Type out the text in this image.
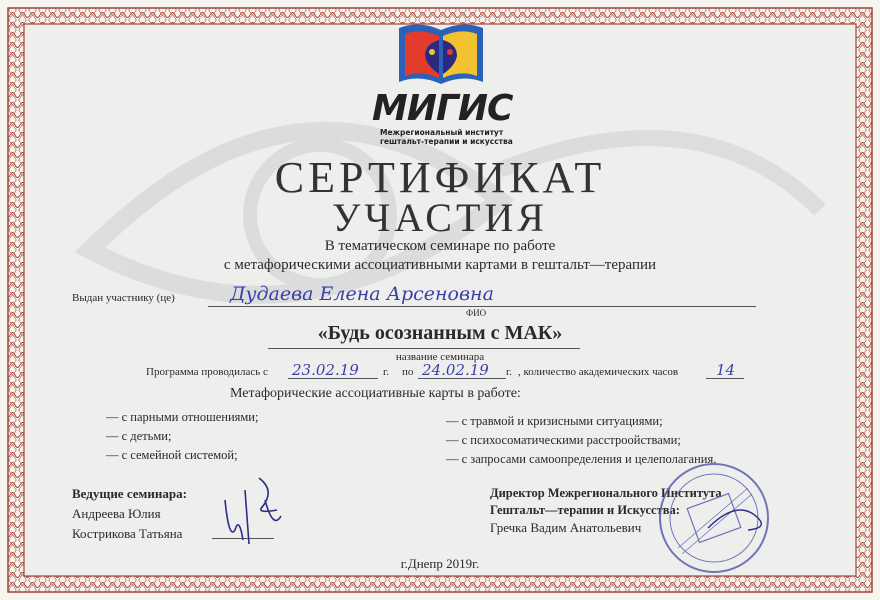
МИГИС
Межрегиональный институт
гештальт-терапии и искусства
СЕРТИФИКАТ
УЧАСТИЯ
В тематическом семинаре по работе
с метафорическими ассоциативными картами в гештальт—терапии
Выдан участнику (це)	Дудаева Елена Арсеновна
ФИО
«Будь осознанным с МАК»
название семинара
Программа проводилась с 23.02.19 г. по 24.02.19 г. , количество академических часов	14
Метафорические ассоциативные карты в работе:
— с парными отношениями;
— с детьми;
— с семейной системой;
— с травмой и кризисными ситуациями;
— с психосоматическими расстроойствами;
— с запросами самоопределения и целеполагания.
Ведущие семинара:
Андреева Юлия
Кострикова Татьяна
Директор Межрегионального Института
Гештальт—терапии и Искусства:
Гречка Вадим Анатольевич
г.Днепр 2019г.
